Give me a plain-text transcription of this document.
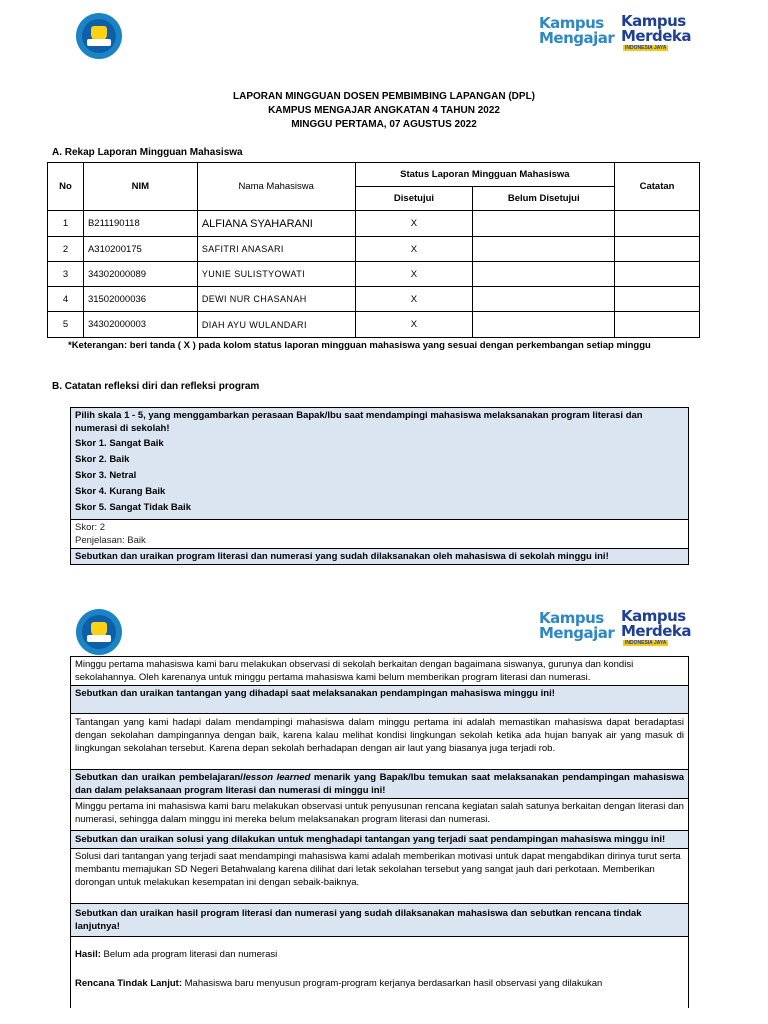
Kampus
Mengajar
Kampus
Merdeka
INDONESIA JAYA
LAPORAN MINGGUAN DOSEN PEMBIMBING LAPANGAN (DPL)
KAMPUS MENGAJAR ANGKATAN 4 TAHUN 2022
MINGGU PERTAMA, 07 AGUSTUS 2022
A. Rekap Laporan Mingguan Mahasiswa
No	NIM	Nama Mahasiswa	Status Laporan Mingguan Mahasiswa		Catatan
			Disetujui	Belum Disetujui	
1	B211190118	ALFIANA SYAHARANI	X		
2	A310200175	SAFITRI ANASARI	X		
3	34302000089	YUNIE SULISTYOWATI	X		
4	31502000036	DEWI NUR CHASANAH	X		
5	34302000003	DIAH AYU WULANDARI	X		
*Keterangan: beri tanda ( X ) pada kolom status laporan mingguan mahasiswa yang sesuai dengan perkembangan setiap minggu
B. Catatan refleksi diri dan refleksi program
Pilih skala 1 - 5, yang menggambarkan perasaan Bapak/Ibu saat mendampingi mahasiswa melaksanakan program literasi dan numerasi di sekolah!
Skor 1. Sangat Baik
Skor 2. Baik
Skor 3. Netral
Skor 4. Kurang Baik
Skor 5. Sangat Tidak Baik
Skor: 2
Penjelasan: Baik
Sebutkan dan uraikan program literasi dan numerasi yang sudah dilaksanakan oleh mahasiswa di sekolah minggu ini!
Kampus
Mengajar
Kampus
Merdeka
INDONESIA JAYA
Minggu pertama mahasiswa kami baru melakukan observasi di sekolah berkaitan dengan bagaimana siswanya, gurunya dan kondisi sekolahannya. Oleh karenanya untuk minggu pertama mahasiswa kami belum memberikan program literasi dan numerasi.
Sebutkan dan uraikan tantangan yang dihadapi saat melaksanakan pendampingan mahasiswa minggu ini!
Tantangan yang kami hadapi dalam mendampingi mahasiswa dalam minggu pertama ini adalah memastikan mahasiswa dapat beradaptasi dengan sekolahan dampingannya dengan baik, karena kalau melihat kondisi lingkungan sekolah ketika ada hujan banyak air yang masuk di lingkungan sekolahan tersebut. Karena depan sekolah berhadapan dengan air laut yang biasanya juga terjadi rob.
Sebutkan dan uraikan pembelajaran/lesson learned menarik yang Bapak/Ibu temukan saat melaksanakan pendampingan mahasiswa dan dalam pelaksanaan program literasi dan numerasi di minggu ini!
Minggu pertama ini mahasiswa kami baru melakukan observasi untuk penyusunan rencana kegiatan salah satunya berkaitan dengan literasi dan numerasi, sehingga dalam minggu ini mereka belum melaksanakan program literasi dan numerasi.
Sebutkan dan uraikan solusi yang dilakukan untuk menghadapi tantangan yang terjadi saat pendampingan mahasiswa minggu ini!
Solusi dari tantangan yang terjadi saat mendampingi mahasiswa kami adalah memberikan motivasi untuk dapat mengabdikan dirinya turut serta membantu memajukan SD Negeri Betahwalang karena dilihat dari letak sekolahan tersebut yang sangat jauh dari perkotaan. Memberikan dorongan untuk melakukan kesempatan ini dengan sebaik-baiknya.
Sebutkan dan uraikan hasil program literasi dan numerasi yang sudah dilaksanakan mahasiswa dan sebutkan rencana tindak lanjutnya!
Hasil: Belum ada program literasi dan numerasi
Rencana Tindak Lanjut: Mahasiswa baru menyusun program-program kerjanya berdasarkan hasil observasi yang dilakukan
